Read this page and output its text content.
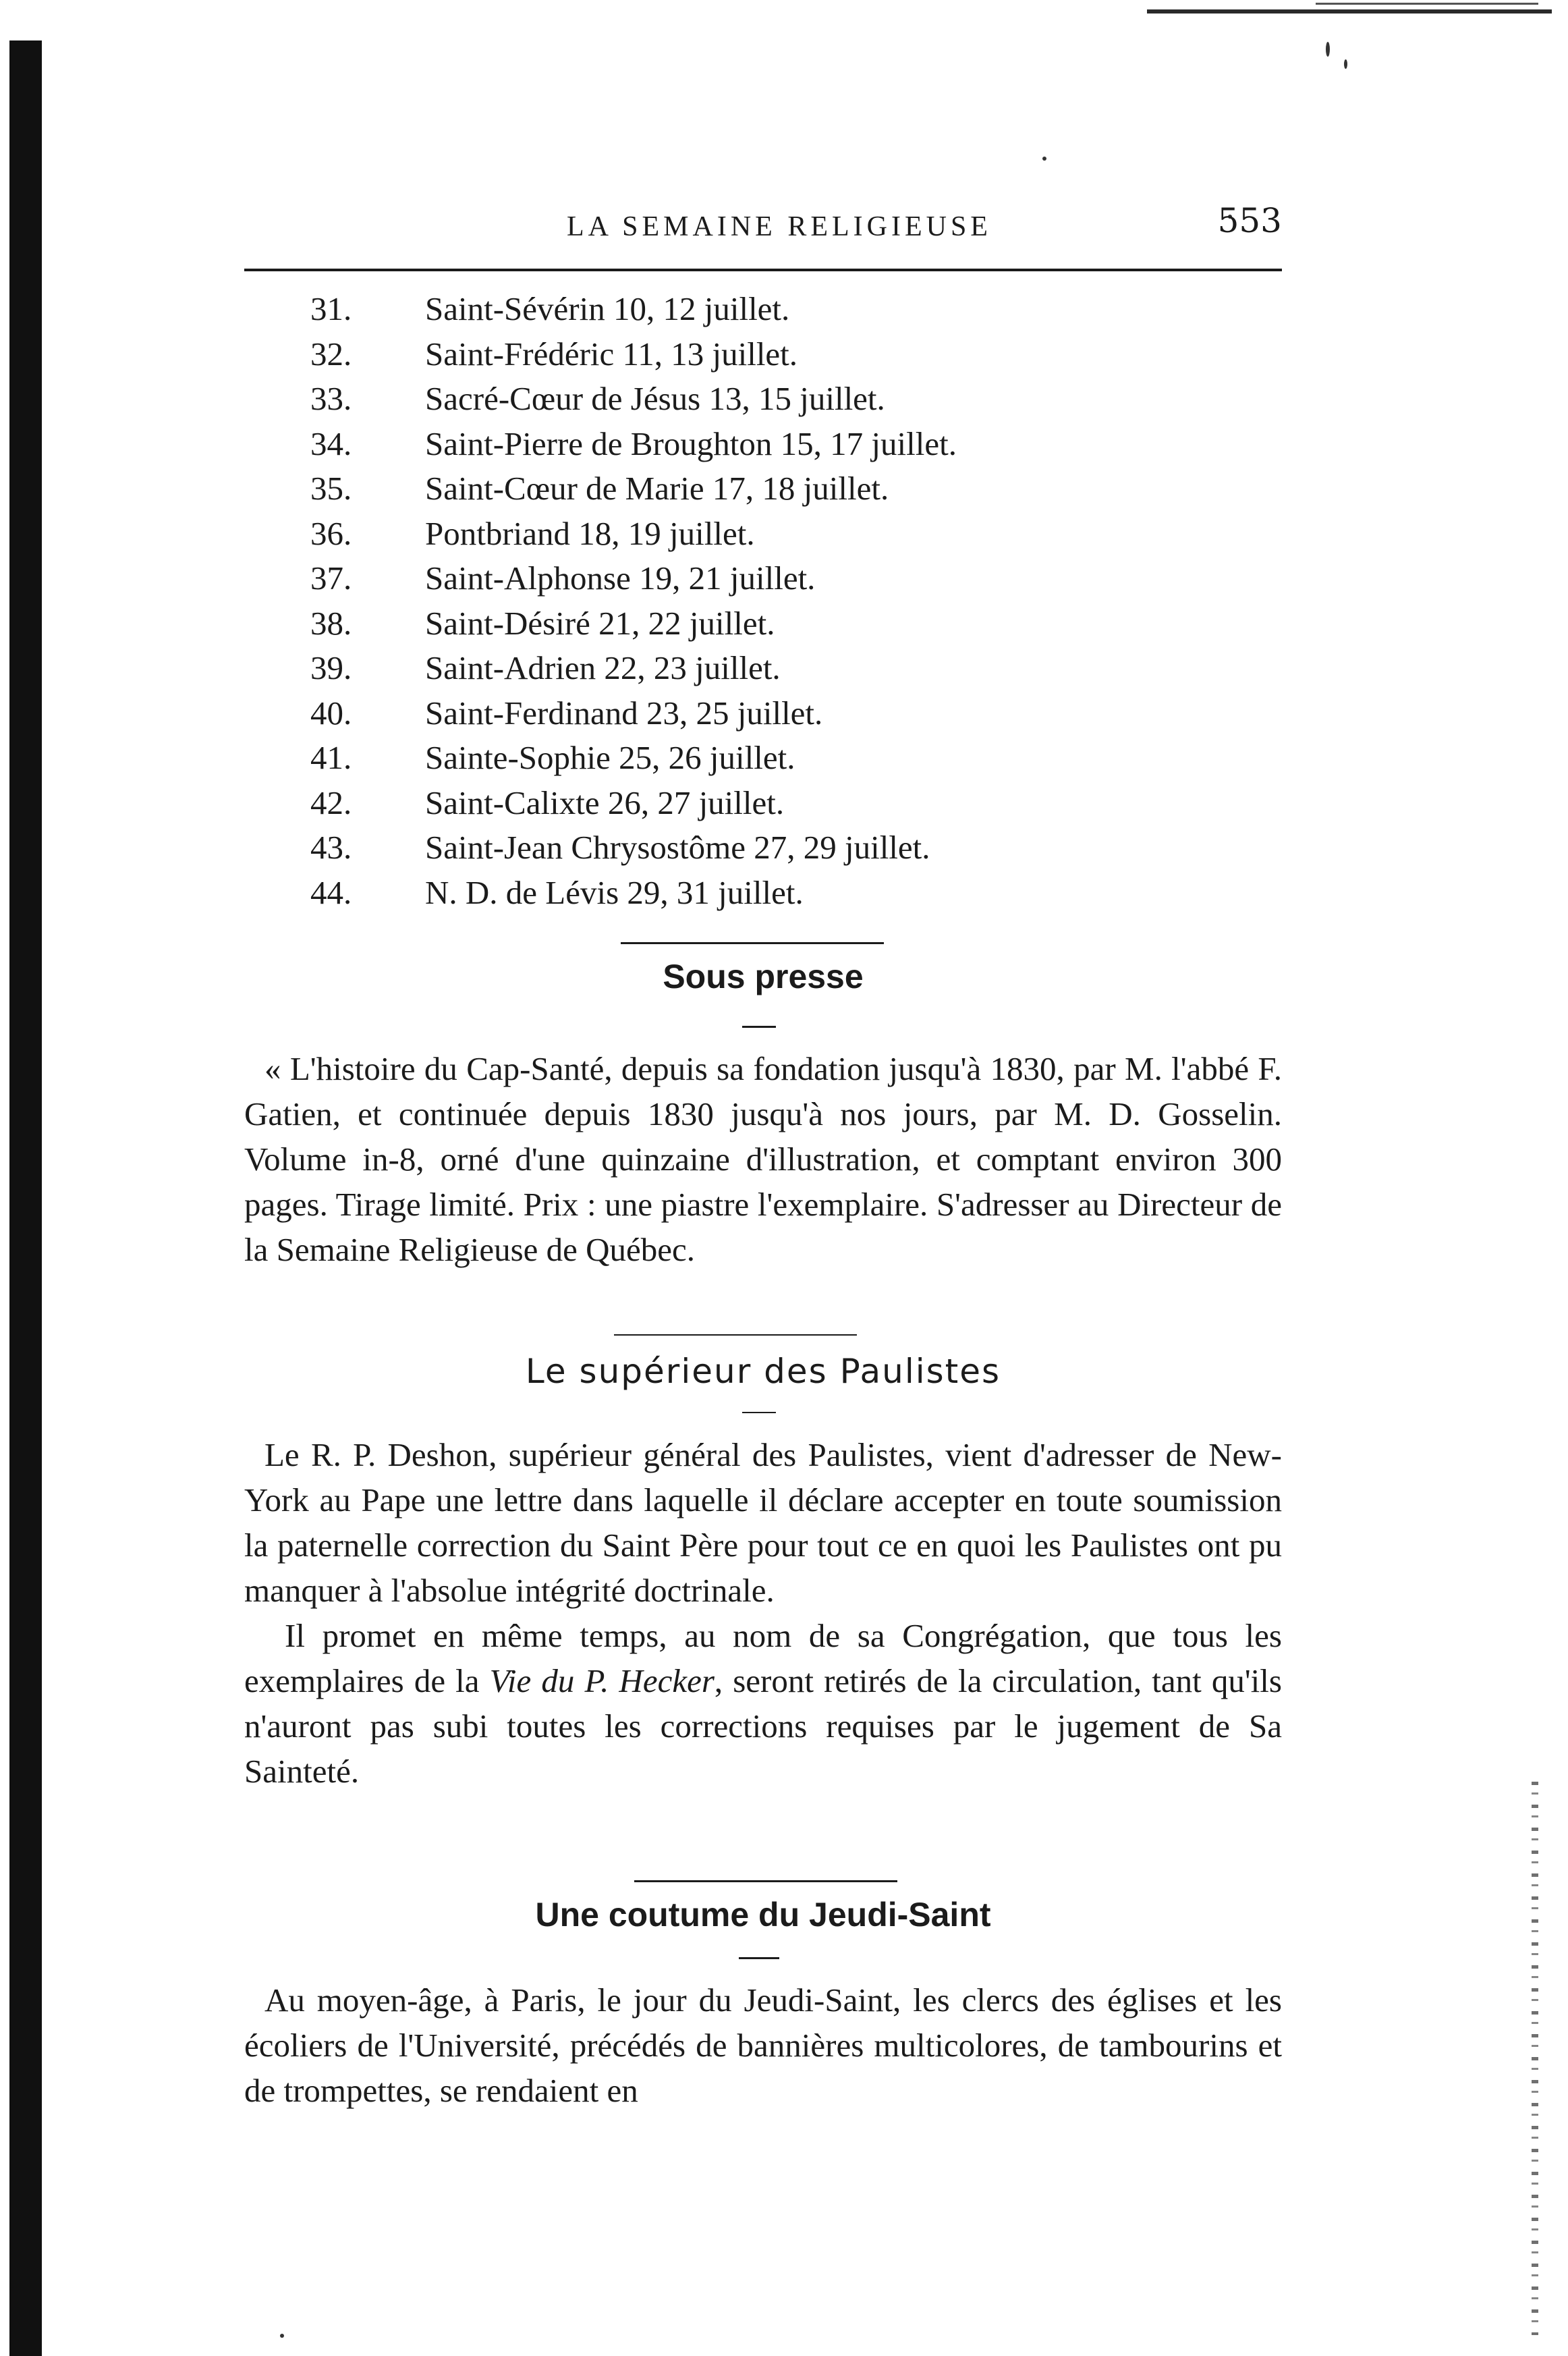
LA SEMAINE RELIGIEUSE	553
31. Saint-Sévérin 10, 12 juillet.
32. Saint-Frédéric 11, 13 juillet.
33. Sacré-Cœur de Jésus 13, 15 juillet.
34. Saint-Pierre de Broughton 15, 17 juillet.
35. Saint-Cœur de Marie 17, 18 juillet.
36. Pontbriand 18, 19 juillet.
37. Saint-Alphonse 19, 21 juillet.
38. Saint-Désiré 21, 22 juillet.
39. Saint-Adrien 22, 23 juillet.
40. Saint-Ferdinand 23, 25 juillet.
41. Sainte-Sophie 25, 26 juillet.
42. Saint-Calixte 26, 27 juillet.
43. Saint-Jean Chrysostôme 27, 29 juillet.
44. N. D. de Lévis 29, 31 juillet.
Sous presse

« L'histoire du Cap-Santé, depuis sa fondation jusqu'à 1830, par M. l'abbé F. Gatien, et continuée depuis 1830 jusqu'à nos jours, par M. D. Gosselin. Volume in-8, orné d'une quinzaine d'illustration, et comptant environ 300 pages. Tirage limité. Prix : une piastre l'exemplaire. S'adresser au Directeur de la Semaine Religieuse de Québec.

Le supérieur des Paulistes

Le R. P. Deshon, supérieur général des Paulistes, vient d'adresser de New-York au Pape une lettre dans laquelle il déclare accepter en toute soumission la paternelle correction du Saint Père pour tout ce en quoi les Paulistes ont pu manquer à l'absolue intégrité doctrinale.

Il promet en même temps, au nom de sa Congrégation, que tous les exemplaires de la Vie du P. Hecker, seront retirés de la circulation, tant qu'ils n'auront pas subi toutes les corrections requises par le jugement de Sa Sainteté.

Une coutume du Jeudi-Saint

Au moyen-âge, à Paris, le jour du Jeudi-Saint, les clercs des églises et les écoliers de l'Université, précédés de bannières multicolores, de tambourins et de trompettes, se rendaient en
